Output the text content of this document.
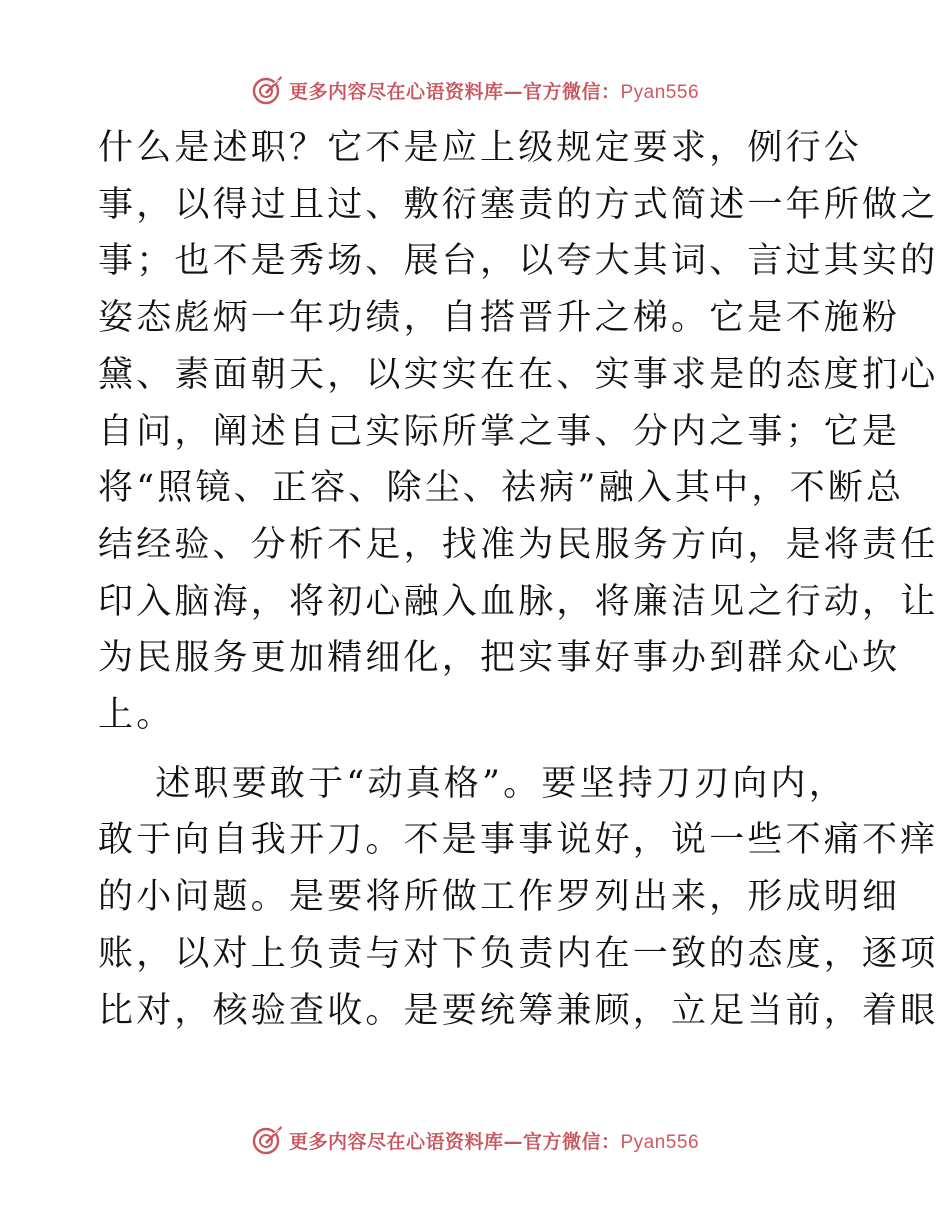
更多内容尽在心语资料库—官方微信：Pyan556

什么是述职？它不是应上级规定要求，例行公
事，以得过且过、敷衍塞责的方式简述一年所做之
事；也不是秀场、展台，以夸大其词、言过其实的
姿态彪炳一年功绩，自搭晋升之梯。它是不施粉
黛、素面朝天，以实实在在、实事求是的态度扪心
自问，阐述自己实际所掌之事、分内之事；它是
将“照镜、正容、除尘、祛病”融入其中，不断总
结经验、分析不足，找准为民服务方向，是将责任
印入脑海，将初心融入血脉，将廉洁见之行动，让
为民服务更加精细化，把实事好事办到群众心坎
上。

述职要敢于“动真格”。要坚持刀刃向内，
敢于向自我开刀。不是事事说好，说一些不痛不痒
的小问题。是要将所做工作罗列出来，形成明细
账，以对上负责与对下负责内在一致的态度，逐项
比对，核验查收。是要统筹兼顾，立足当前，着眼

更多内容尽在心语资料库—官方微信：Pyan556
